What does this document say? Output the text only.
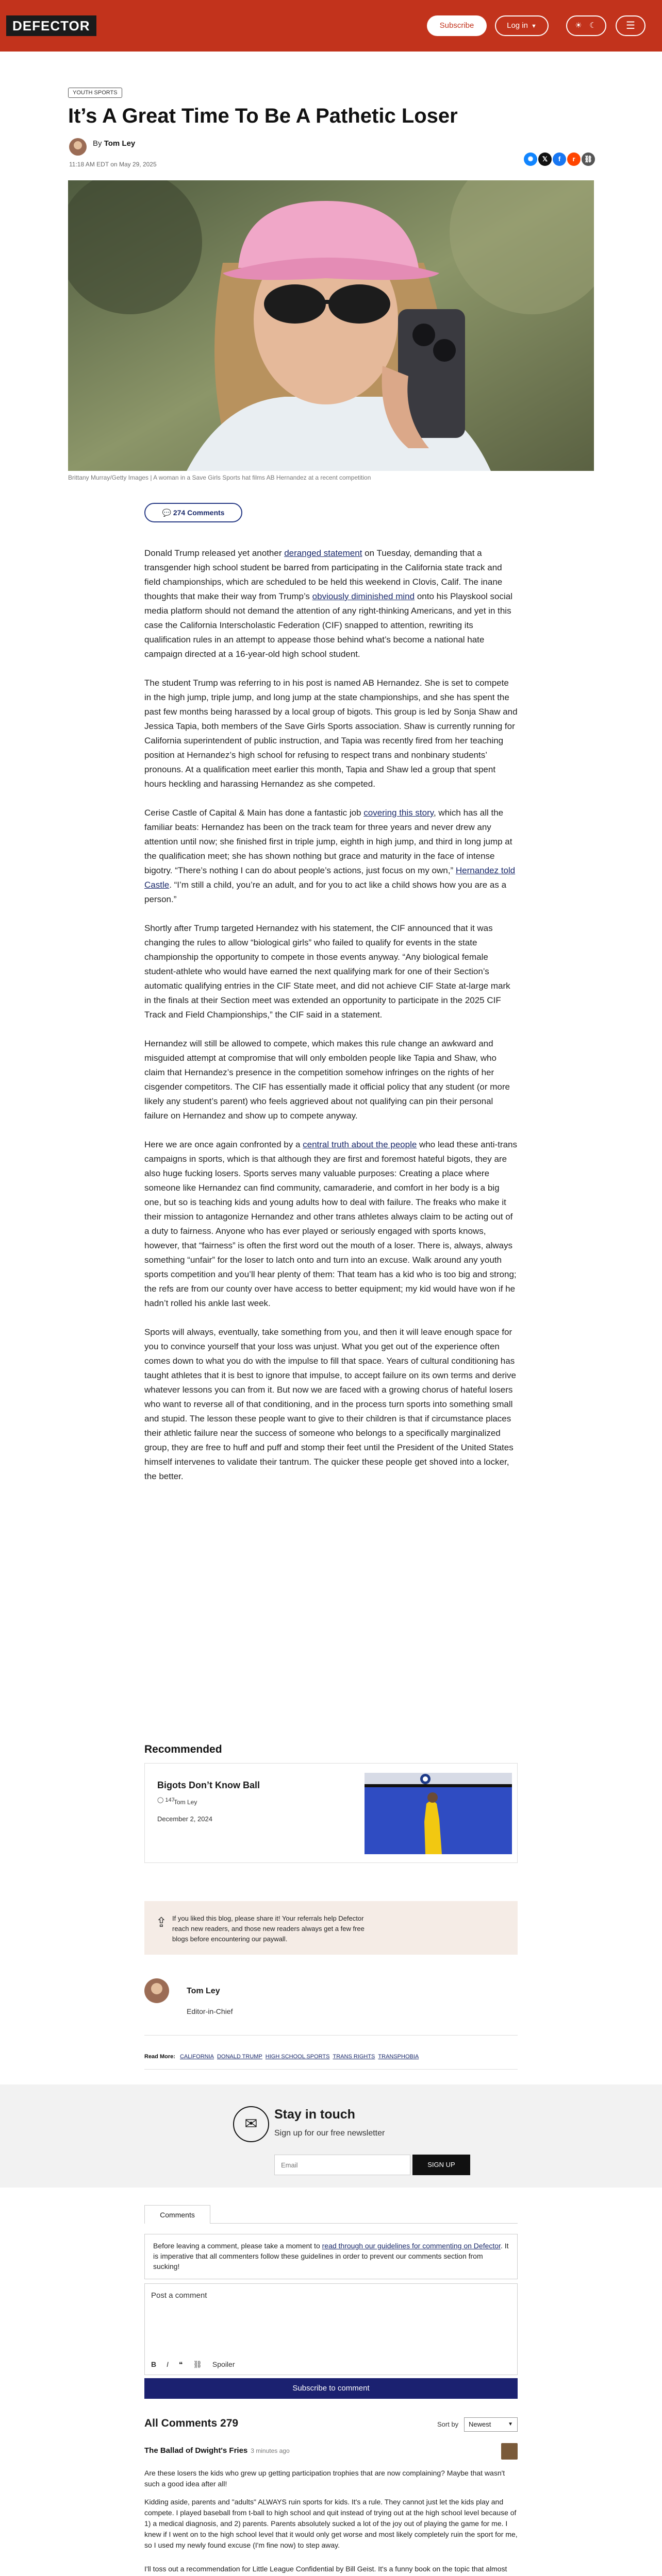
DEFECTOR	Subscribe	Log in ▼	☀ ☾	☰
YOUTH SPORTS
It’s A Great Time To Be A Pathetic Loser
By Tom Ley
11:18 AM EDT on May 29, 2025
✺	𝕏	f	r	⛓
Brittany Murray/Getty Images | A woman in a Save Girls Sports hat films AB Hernandez at a recent competition
💬 274 Comments

Donald Trump released yet another deranged statement on Tuesday, demanding that a transgender high school student be barred from participating in the California state track and field championships, which are scheduled to be held this weekend in Clovis, Calif. The inane thoughts that make their way from Trump’s obviously diminished mind onto his Playskool social media platform should not demand the attention of any right-thinking Americans, and yet in this case the California Interscholastic Federation (CIF) snapped to attention, rewriting its qualification rules in an attempt to appease those behind what’s become a national hate campaign directed at a 16-year-old high school student.

The student Trump was referring to in his post is named AB Hernandez. She is set to compete in the high jump, triple jump, and long jump at the state championships, and she has spent the past few months being harassed by a local group of bigots. This group is led by Sonja Shaw and Jessica Tapia, both members of the Save Girls Sports association. Shaw is currently running for California superintendent of public instruction, and Tapia was recently fired from her teaching position at Hernandez’s high school for refusing to respect trans and nonbinary students’ pronouns. At a qualification meet earlier this month, Tapia and Shaw led a group that spent hours heckling and harassing Hernandez as she competed.

Cerise Castle of Capital & Main has done a fantastic job covering this story, which has all the familiar beats: Hernandez has been on the track team for three years and never drew any attention until now; she finished first in triple jump, eighth in high jump, and third in long jump at the qualification meet; she has shown nothing but grace and maturity in the face of intense bigotry. “There’s nothing I can do about people’s actions, just focus on my own,” Hernandez told Castle. “I’m still a child, you’re an adult, and for you to act like a child shows how you are as a person.”

Shortly after Trump targeted Hernandez with his statement, the CIF announced that it was changing the rules to allow “biological girls” who failed to qualify for events in the state championship the opportunity to compete in those events anyway. “Any biological female student-athlete who would have earned the next qualifying mark for one of their Section’s automatic qualifying entries in the CIF State meet, and did not achieve CIF State at-large mark in the finals at their Section meet was extended an opportunity to participate in the 2025 CIF Track and Field Championships,” the CIF said in a statement.

Hernandez will still be allowed to compete, which makes this rule change an awkward and misguided attempt at compromise that will only embolden people like Tapia and Shaw, who claim that Hernandez’s presence in the competition somehow infringes on the rights of her cisgender competitors. The CIF has essentially made it official policy that any student (or more likely any student’s parent) who feels aggrieved about not qualifying can pin their personal failure on Hernandez and show up to compete anyway.

Here we are once again confronted by a central truth about the people who lead these anti-trans campaigns in sports, which is that although they are first and foremost hateful bigots, they are also huge fucking losers. Sports serves many valuable purposes: Creating a place where someone like Hernandez can find community, camaraderie, and comfort in her body is a big one, but so is teaching kids and young adults how to deal with failure. The freaks who make it their mission to antagonize Hernandez and other trans athletes always claim to be acting out of a duty to fairness. Anyone who has ever played or seriously engaged with sports knows, however, that “fairness” is often the first word out the mouth of a loser. There is, always, always something “unfair” for the loser to latch onto and turn into an excuse. Walk around any youth sports competition and you’ll hear plenty of them: That team has a kid who is too big and strong; the refs are from our county over have access to better equipment; my kid would have won if he hadn’t rolled his ankle last week.

Sports will always, eventually, take something from you, and then it will leave enough space for you to convince yourself that your loss was unjust. What you get out of the experience often comes down to what you do with the impulse to fill that space. Years of cultural conditioning has taught athletes that it is best to ignore that impulse, to accept failure on its own terms and derive whatever lessons you can from it. But now we are faced with a growing chorus of hateful losers who want to reverse all of that conditioning, and in the process turn sports into something small and stupid. The lesson these people want to give to their children is that if circumstance places their athletic failure near the success of someone who belongs to a specifically marginalized group, they are free to huff and puff and stomp their feet until the President of the United States himself intervenes to validate their tantrum. The quicker these people get shoved into a locker, the better.

Recommended
Bigots Don’t Know Ball
◯ 147
Tom Ley
December 2, 2024
⇪ If you liked this blog, please share it! Your referrals help Defector reach new readers, and those new readers always get a few free blogs before encountering our paywall.
Tom Ley
Editor-in-Chief
Read More: CALIFORNIA DONALD TRUMP HIGH SCHOOL SPORTS TRANS RIGHTS TRANSPHOBIA
✉
Stay in touch
Sign up for our free newsletter
Email
SIGN UP
Comments
Before leaving a comment, please take a moment to read through our guidelines for commenting on Defector. It is imperative that all commenters follow these guidelines in order to prevent our comments section from sucking!
Post a comment
B I ❝ ⛓ Spoiler
Subscribe to comment
All Comments 279	Sort by	Newest	▼
The Ballad of Dwight's Fries 3 minutes ago
Are these losers the kids who grew up getting participation trophies that are now complaining? Maybe that wasn't such a good idea after all!
Kidding aside, parents and "adults" ALWAYS ruin sports for kids. It's a rule. They cannot just let the kids play and compete. I played baseball from t-ball to high school and quit instead of trying out at the high school level because of 1) a medical diagnosis, and 2) parents. Parents absolutely sucked a lot of the joy out of playing the game for me. I knew if I went on to the high school level that it would only get worse and most likely completely ruin the sport for me, so I used my newly found excuse (I'm fine now) to step away.
I'll toss out a recommendation for Little League Confidential by Bill Geist. It's a funny book on the topic that almost
